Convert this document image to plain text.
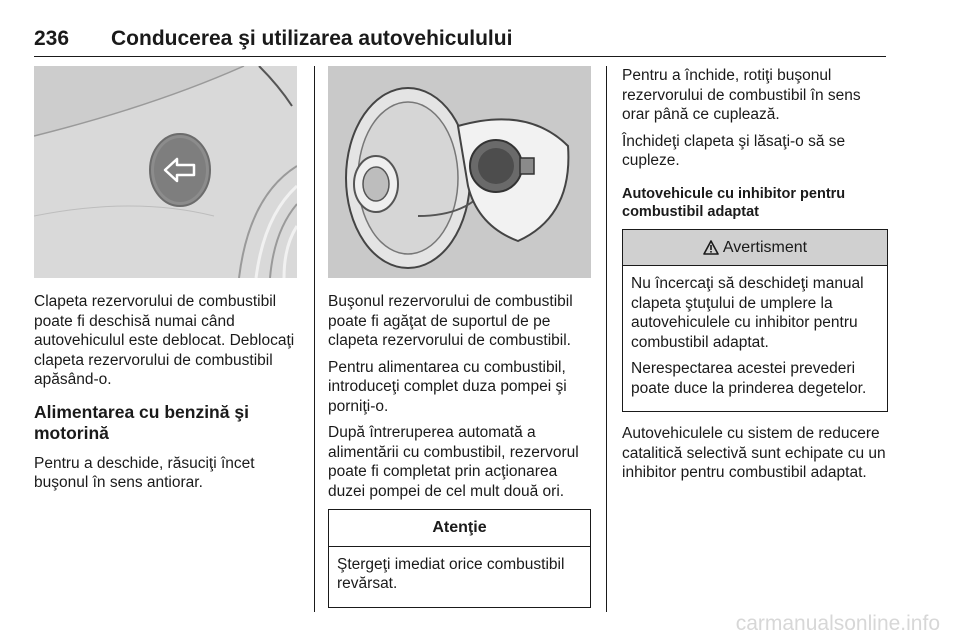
236 Conducerea şi utilizarea autovehiculului

Clapeta rezervorului de combustibil poate fi deschisă numai când autovehiculul este deblocat. Deblocaţi clapeta rezervorului de combustibil apăsând-o.

Alimentarea cu benzină şi motorină

Pentru a deschide, răsuciţi încet buşonul în sens antiorar.

Buşonul rezervorului de combustibil poate fi agăţat de suportul de pe clapeta rezervorului de combustibil.

Pentru alimentarea cu combustibil, introduceţi complet duza pompei şi porniţi-o.

După întreruperea automată a alimentării cu combustibil, rezervorul poate fi completat prin acţionarea duzei pompei de cel mult două ori.

Atenţie

Ştergeţi imediat orice combustibil revărsat.

Pentru a închide, rotiţi buşonul rezervorului de combustibil în sens orar până ce cuplează.

Închideţi clapeta şi lăsaţi-o să se cupleze.

Autovehicule cu inhibitor pentru combustibil adaptat
Avertisment

Nu încercaţi să deschideţi manual clapeta ştuţului de umplere la autovehiculele cu inhibitor pentru combustibil adaptat.

Nerespectarea acestei prevederi poate duce la prinderea degetelor.

Autovehiculele cu sistem de reducere catalitică selectivă sunt echipate cu un inhibitor pentru combustibil adaptat.

carmanualsonline.info
